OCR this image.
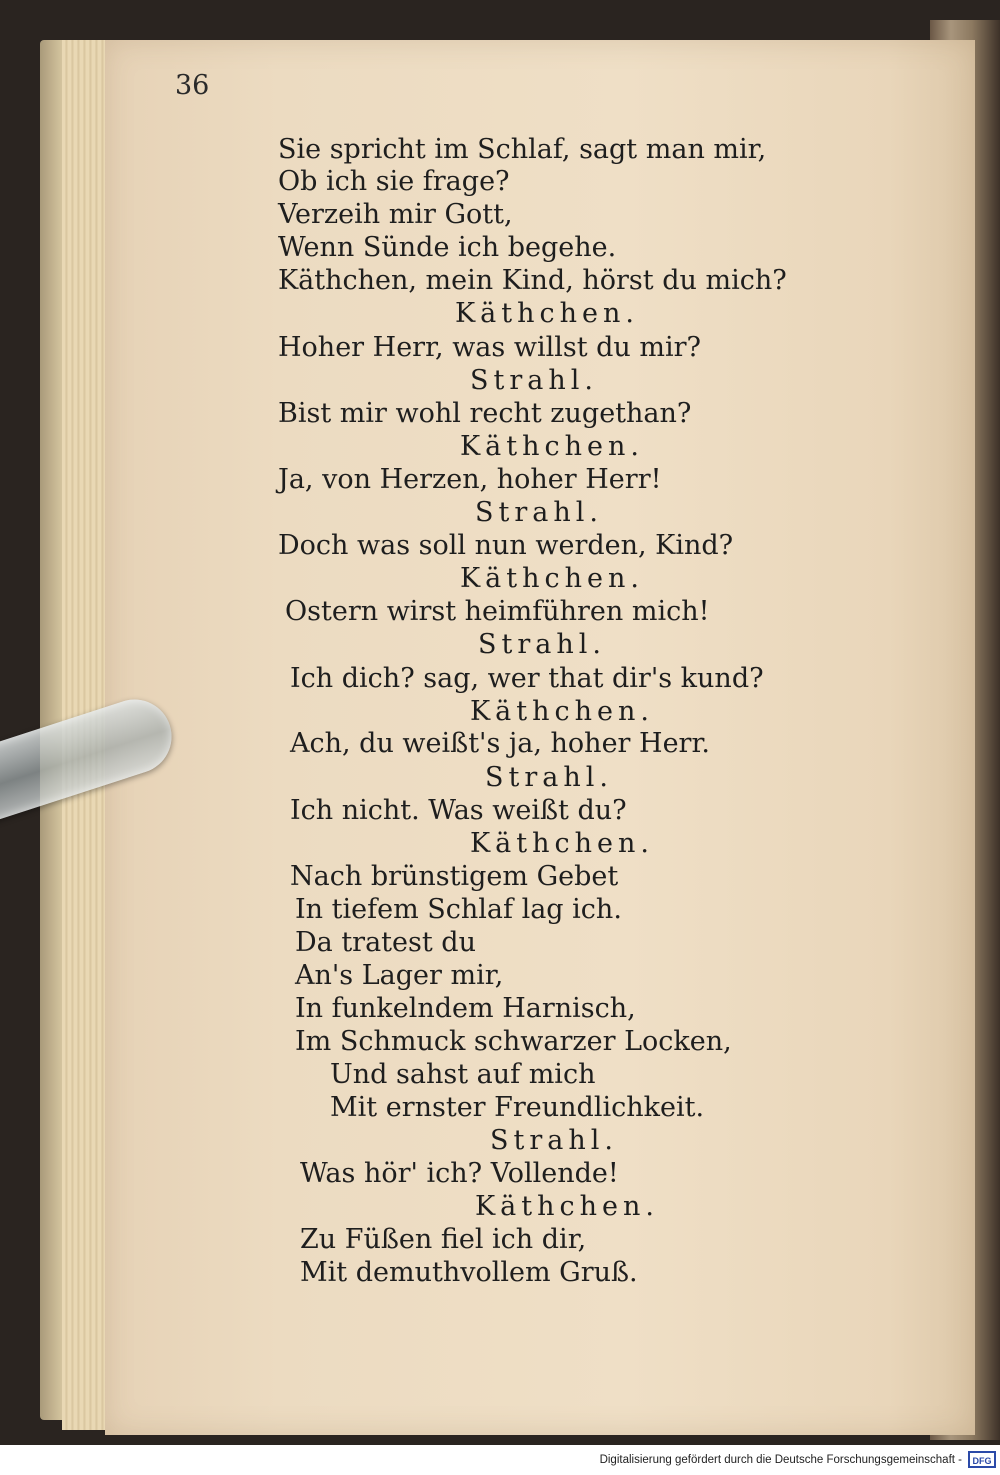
36
Sie spricht im Schlaf, sagt man mir,
Ob ich sie frage?
Verzeih mir Gott,
Wenn Sünde ich begehe.
Käthchen, mein Kind, hörst du mich?
Käthchen.
Hoher Herr, was willst du mir?
Strahl.
Bist mir wohl recht zugethan?
Käthchen.
Ja, von Herzen, hoher Herr!
Strahl.
Doch was soll nun werden, Kind?
Käthchen.
Ostern wirst heimführen mich!
Strahl.
Ich dich? sag, wer that dir's kund?
Käthchen.
Ach, du weißt's ja, hoher Herr.
Strahl.
Ich nicht. Was weißt du?
Käthchen.
Nach brünstigem Gebet
In tiefem Schlaf lag ich.
Da tratest du
An's Lager mir,
In funkelndem Harnisch,
Im Schmuck schwarzer Locken,
Und sahst auf mich
Mit ernster Freundlichkeit.
Strahl.
Was hör' ich? Vollende!
Käthchen.
Zu Füßen fiel ich dir,
Mit demuthvollem Gruß.
Digitalisierung gefördert durch die Deutsche Forschungsgemeinschaft -	DFG
